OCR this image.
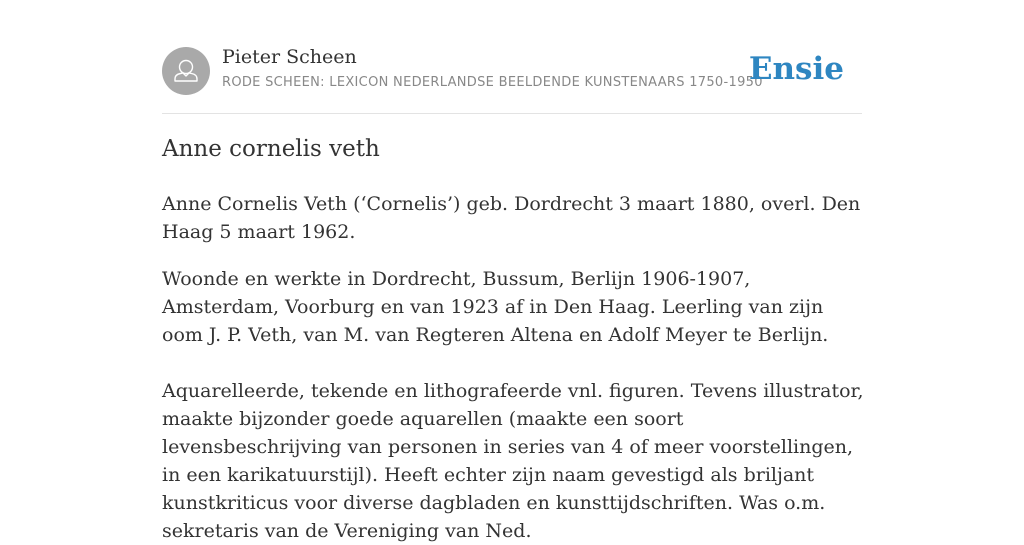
Pieter Scheen
RODE SCHEEN: LEXICON NEDERLANDSE BEELDENDE KUNSTENAARS 1750-1950
Ensie
Anne cornelis veth

Anne Cornelis Veth (‘Cornelis’) geb. Dordrecht 3 maart 1880, overl. Den Haag 5 maart 1962.

Woonde en werkte in Dordrecht, Bussum, Berlijn 1906-1907, Amsterdam, Voorburg en van 1923 af in Den Haag. Leerling van zijn oom J. P. Veth, van M. van Regteren Altena en Adolf Meyer te Berlijn.

Aquarelleerde, tekende en lithografeerde vnl. figuren. Tevens illustrator, maakte bijzonder goede aquarellen (maakte een soort levensbeschrijving van personen in series van 4 of meer voorstellingen, in een karikatuurstijl). Heeft echter zijn naam gevestigd als briljant kunstkriticus voor diverse dagbladen en kunsttijdschriften. Was o.m. sekretaris van de Vereniging van Ned.
